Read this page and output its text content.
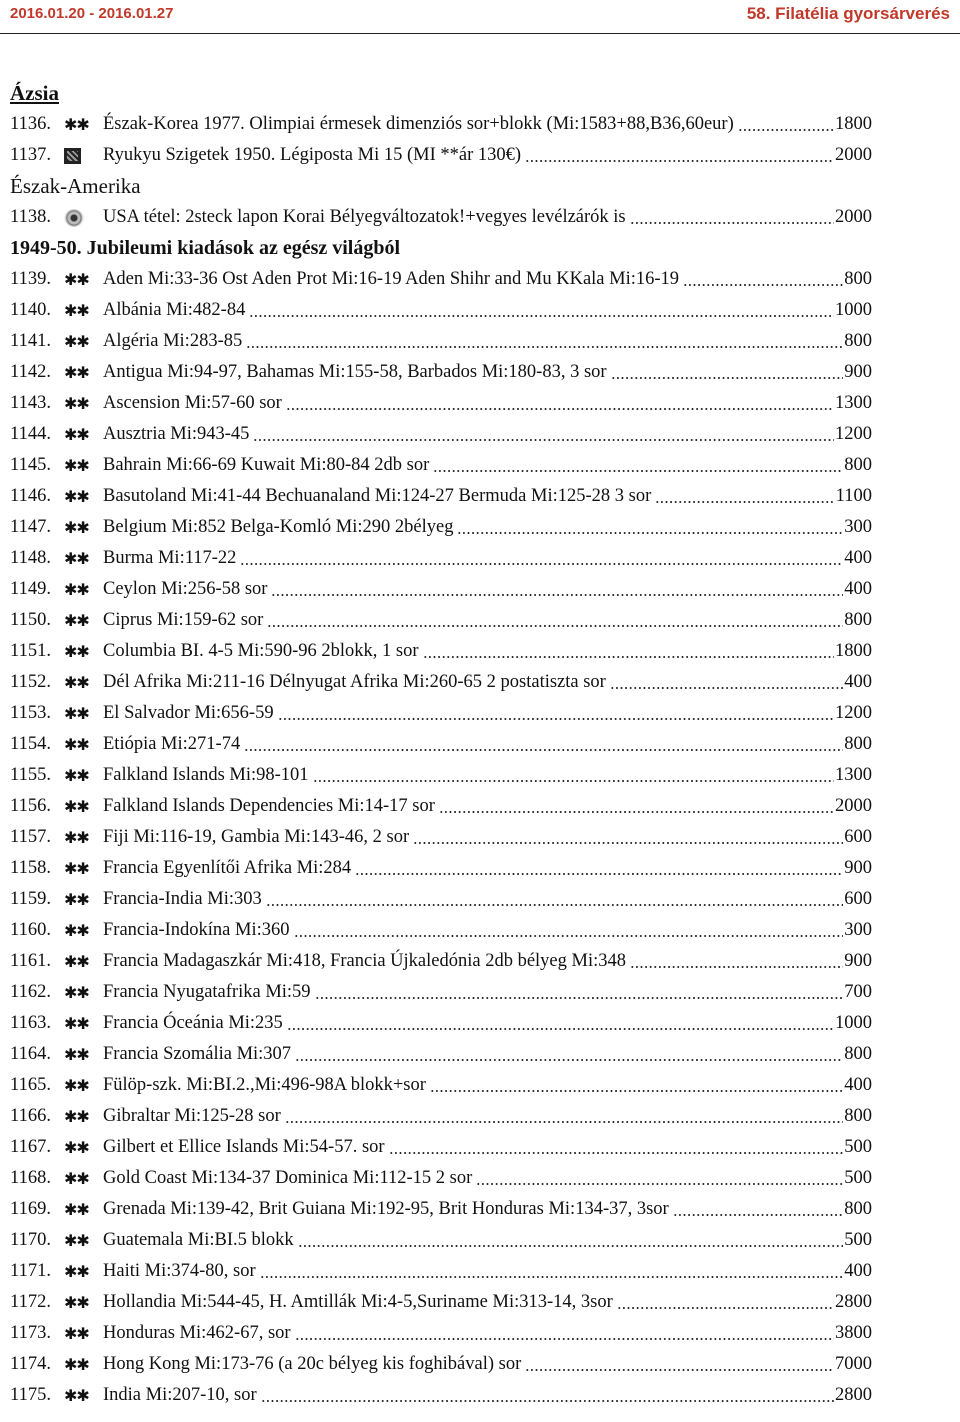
2016.01.20 - 2016.01.27	58. Filatélia gyorsárverés
Ázsia
1136. ✱✱ Észak-Korea 1977. Olimpiai érmesek dimenziós sor+blokk (Mi:1583+88,B36,60eur)	1800
1137.	Ryukyu Szigetek 1950. Légiposta Mi 15 (MI **ár 130€)	2000
Észak-Amerika
1138.	USA tétel: 2steck lapon Korai Bélyegváltozatok!+vegyes levélzárók is	2000
1949-50. Jubileumi kiadások az egész világból
1139. ✱✱ Aden Mi:33-36 Ost Aden Prot Mi:16-19 Aden Shihr and Mu KKala Mi:16-19	800
1140. ✱✱ Albánia Mi:482-84	1000
1141. ✱✱ Algéria Mi:283-85	800
1142. ✱✱ Antigua Mi:94-97, Bahamas Mi:155-58, Barbados Mi:180-83, 3 sor	900
1143. ✱✱ Ascension Mi:57-60 sor	1300
1144. ✱✱ Ausztria Mi:943-45	1200
1145. ✱✱ Bahrain Mi:66-69 Kuwait Mi:80-84 2db sor	800
1146. ✱✱ Basutoland Mi:41-44 Bechuanaland Mi:124-27 Bermuda Mi:125-28 3 sor	1100
1147. ✱✱ Belgium Mi:852 Belga-Komló Mi:290 2bélyeg	300
1148. ✱✱ Burma Mi:117-22	400
1149. ✱✱ Ceylon Mi:256-58 sor	400
1150. ✱✱ Ciprus Mi:159-62 sor	800
1151. ✱✱ Columbia BI. 4-5 Mi:590-96 2blokk, 1 sor	1800
1152. ✱✱ Dél Afrika Mi:211-16 Délnyugat Afrika Mi:260-65 2 postatiszta sor	400
1153. ✱✱ El Salvador Mi:656-59	1200
1154. ✱✱ Etiópia Mi:271-74	800
1155. ✱✱ Falkland Islands Mi:98-101	1300
1156. ✱✱ Falkland Islands Dependencies Mi:14-17 sor	2000
1157. ✱✱ Fiji Mi:116-19, Gambia Mi:143-46, 2 sor	600
1158. ✱✱ Francia Egyenlítői Afrika Mi:284	900
1159. ✱✱ Francia-India Mi:303	600
1160. ✱✱ Francia-Indokína Mi:360	300
1161. ✱✱ Francia Madagaszkár Mi:418, Francia Újkaledónia 2db bélyeg Mi:348	900
1162. ✱✱ Francia Nyugatafrika Mi:59	700
1163. ✱✱ Francia Óceánia Mi:235	1000
1164. ✱✱ Francia Szomália Mi:307	800
1165. ✱✱ Fülöp-szk. Mi:BI.2.,Mi:496-98A blokk+sor	400
1166. ✱✱ Gibraltar Mi:125-28 sor	800
1167. ✱✱ Gilbert et Ellice Islands Mi:54-57. sor	500
1168. ✱✱ Gold Coast Mi:134-37 Dominica Mi:112-15 2 sor	500
1169. ✱✱ Grenada Mi:139-42, Brit Guiana Mi:192-95, Brit Honduras Mi:134-37, 3sor	800
1170. ✱✱ Guatemala Mi:BI.5 blokk	500
1171. ✱✱ Haiti Mi:374-80, sor	400
1172. ✱✱ Hollandia Mi:544-45, H. Amtillák Mi:4-5,Suriname Mi:313-14, 3sor	2800
1173. ✱✱ Honduras Mi:462-67, sor	3800
1174. ✱✱ Hong Kong Mi:173-76 (a 20c bélyeg kis foghibával) sor	7000
1175. ✱✱ India Mi:207-10, sor	2800
